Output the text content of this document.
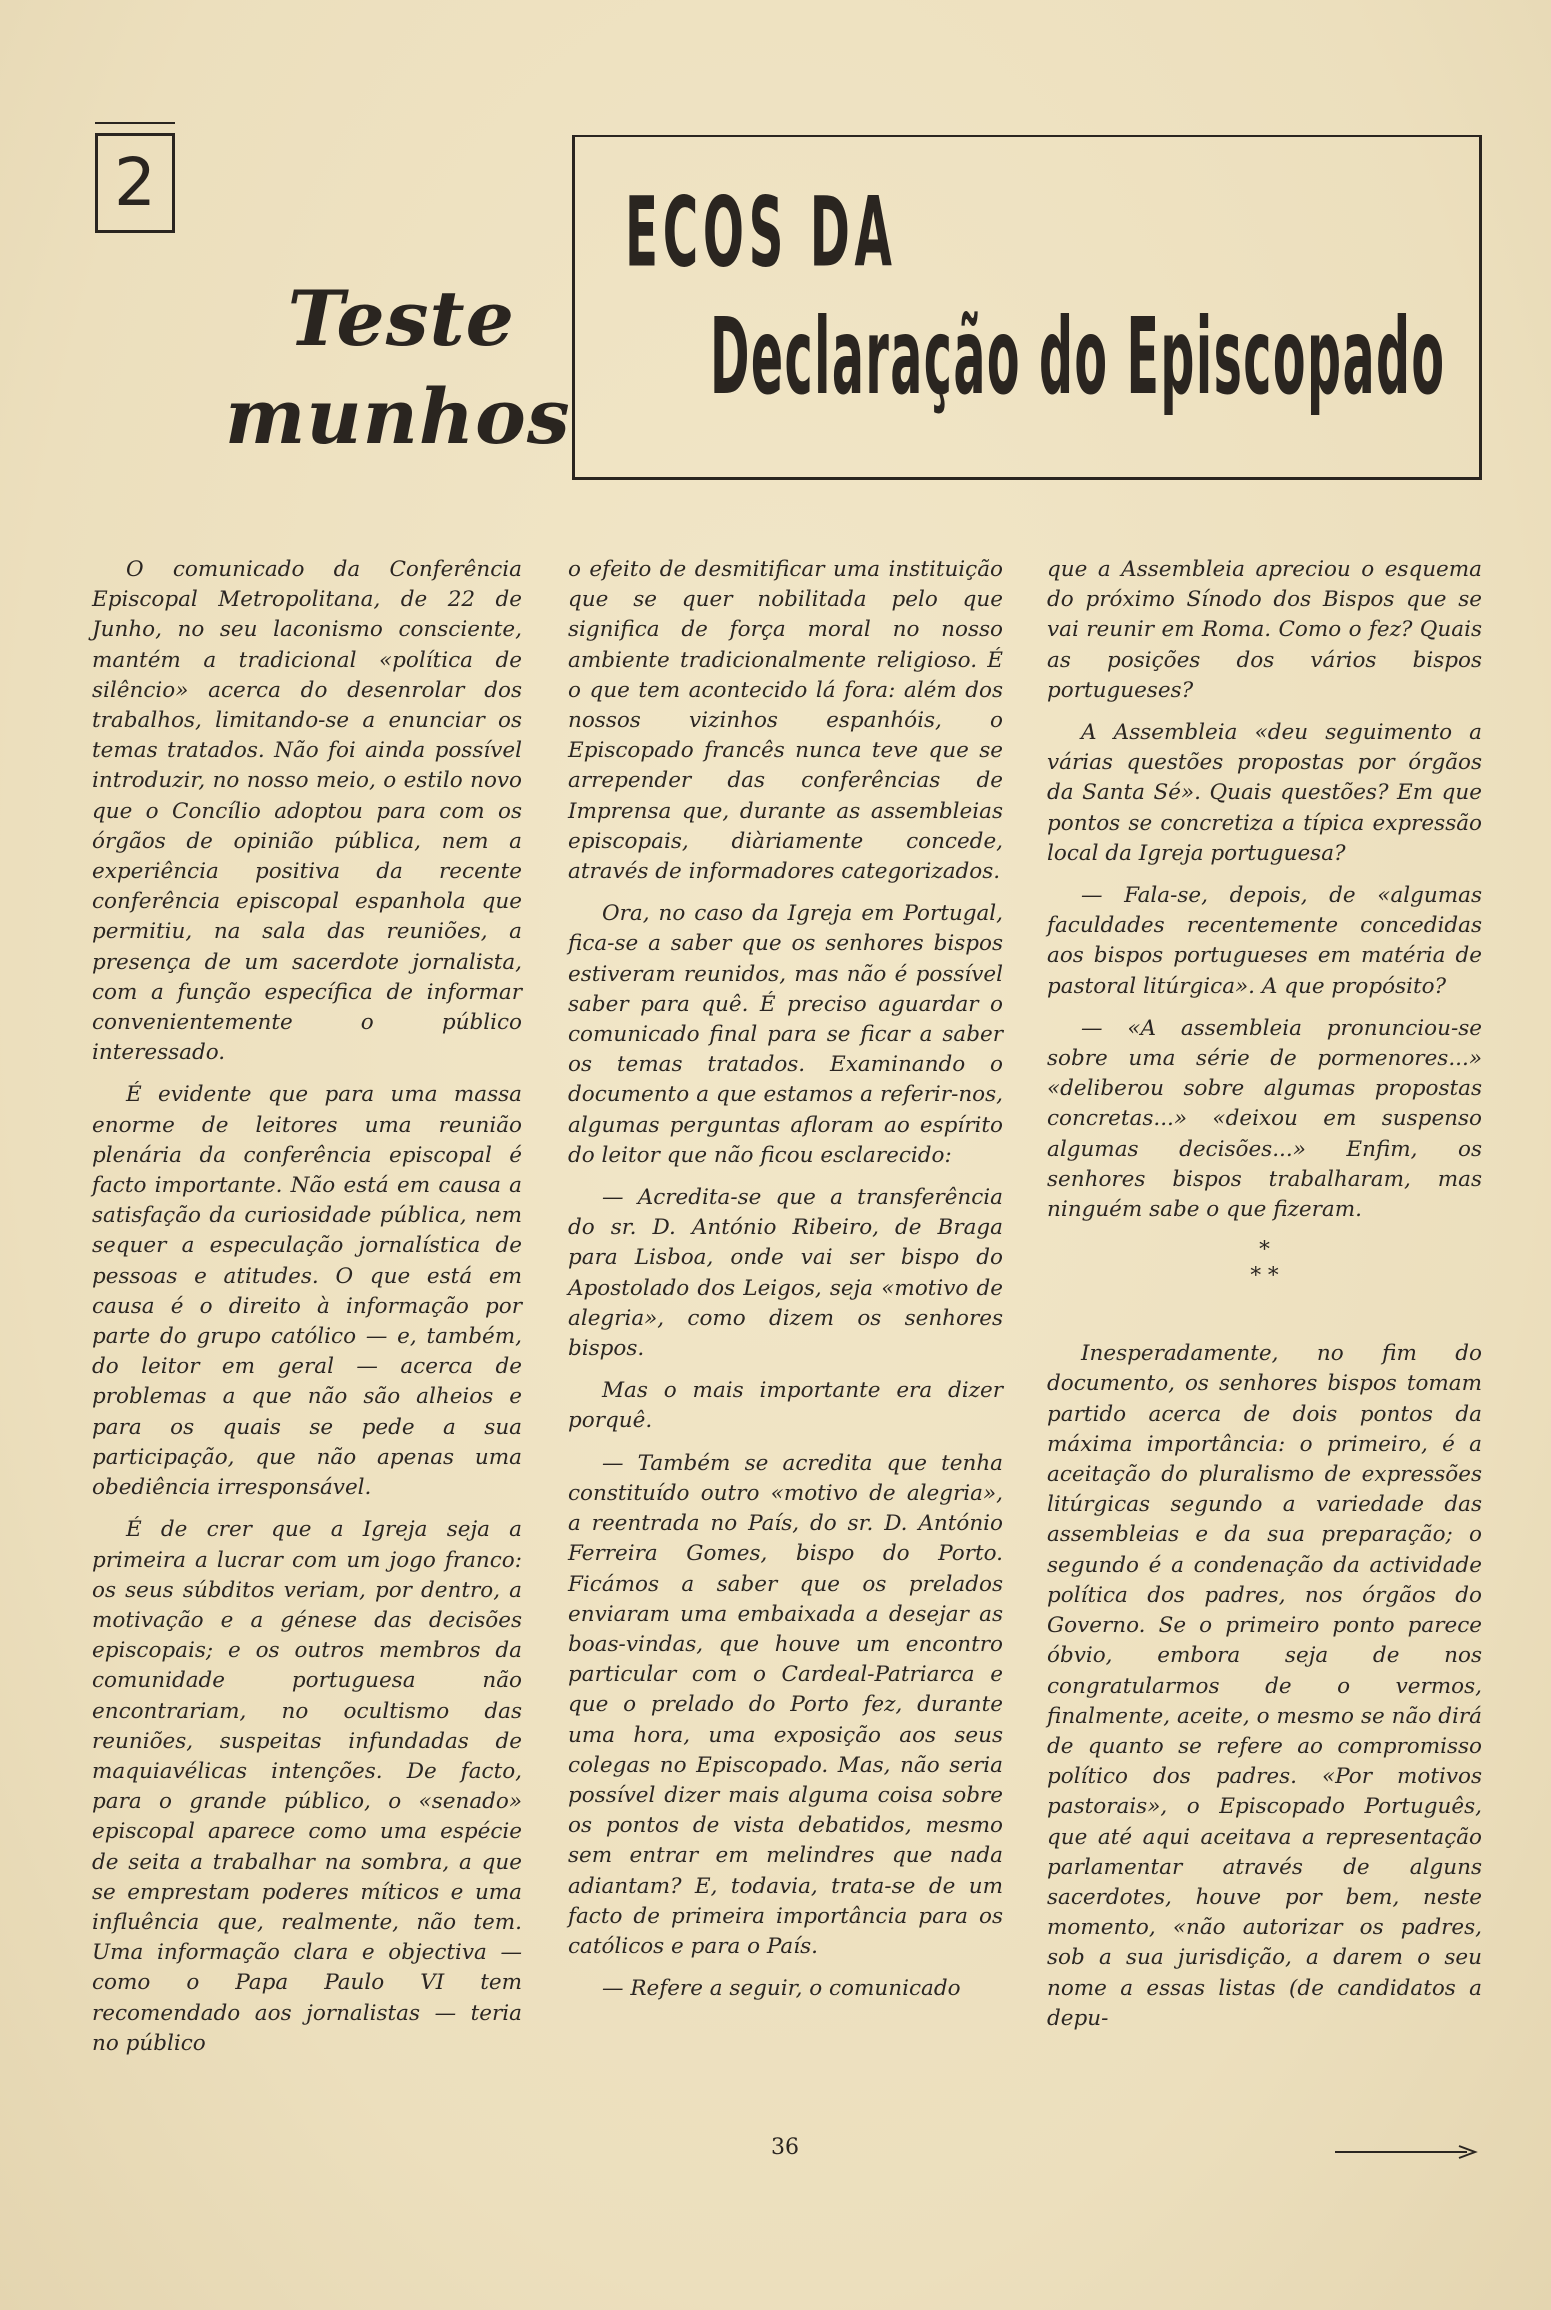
2
Teste
munhos
ECOS DA
Declaração do Episcopado

O comunicado da Conferência Episcopal Metropolitana, de 22 de Junho, no seu laconismo consciente, mantém a tradicional «política de silêncio» acerca do desenrolar dos trabalhos, limitando-se a enunciar os temas tratados. Não foi ainda possível introduzir, no nosso meio, o estilo novo que o Concílio adoptou para com os órgãos de opinião pública, nem a experiência positiva da recente conferência episcopal espanhola que permitiu, na sala das reuniões, a presença de um sacerdote jornalista, com a função específica de informar convenientemente o público interessado.

É evidente que para uma massa enorme de leitores uma reunião plenária da conferência episcopal é facto importante. Não está em causa a satisfação da curiosidade pública, nem sequer a especulação jornalística de pessoas e atitudes. O que está em causa é o direito à informação por parte do grupo católico — e, também, do leitor em geral — acerca de problemas a que não são alheios e para os quais se pede a sua participação, que não apenas uma obediência irresponsável.

É de crer que a Igreja seja a primeira a lucrar com um jogo franco: os seus súbditos veriam, por dentro, a motivação e a génese das decisões episcopais; e os outros membros da comunidade portuguesa não encontrariam, no ocultismo das reuniões, suspeitas infundadas de maquiavélicas intenções. De facto, para o grande público, o «senado» episcopal aparece como uma espécie de seita a trabalhar na sombra, a que se emprestam poderes míticos e uma influência que, realmente, não tem. Uma informação clara e objectiva — como o Papa Paulo VI tem recomendado aos jornalistas — teria no público

o efeito de desmitificar uma instituição que se quer nobilitada pelo que significa de força moral no nosso ambiente tradicionalmente religioso. É o que tem acontecido lá fora: além dos nossos vizinhos espanhóis, o Episcopado francês nunca teve que se arrepender das conferências de Imprensa que, durante as assembleias episcopais, diàriamente concede, através de informadores categorizados.

Ora, no caso da Igreja em Portugal, fica-se a saber que os senhores bispos estiveram reunidos, mas não é possível saber para quê. É preciso aguardar o comunicado final para se ficar a saber os temas tratados. Examinando o documento a que estamos a referir-nos, algumas perguntas afloram ao espírito do leitor que não ficou esclarecido:

— Acredita-se que a transferência do sr. D. António Ribeiro, de Braga para Lisboa, onde vai ser bispo do Apostolado dos Leigos, seja «motivo de alegria», como dizem os senhores bispos.

Mas o mais importante era dizer porquê.

— Também se acredita que tenha constituído outro «motivo de alegria», a reentrada no País, do sr. D. António Ferreira Gomes, bispo do Porto. Ficámos a saber que os prelados enviaram uma embaixada a desejar as boas-vindas, que houve um encontro particular com o Cardeal-Patriarca e que o prelado do Porto fez, durante uma hora, uma exposição aos seus colegas no Episcopado. Mas, não seria possível dizer mais alguma coisa sobre os pontos de vista debatidos, mesmo sem entrar em melindres que nada adiantam? E, todavia, trata-se de um facto de primeira importância para os católicos e para o País.

— Refere a seguir, o comunicado

que a Assembleia apreciou o esquema do próximo Sínodo dos Bispos que se vai reunir em Roma. Como o fez? Quais as posições dos vários bispos portugueses?

A Assembleia «deu seguimento a várias questões propostas por órgãos da Santa Sé». Quais questões? Em que pontos se concretiza a típica expressão local da Igreja portuguesa?

— Fala-se, depois, de «algumas faculdades recentemente concedidas aos bispos portugueses em matéria de pastoral litúrgica». A que propósito?

— «A assembleia pronunciou-se sobre uma série de pormenores...» «deliberou sobre algumas propostas concretas...» «deixou em suspenso algumas decisões...» Enfim, os senhores bispos trabalharam, mas ninguém sabe o que fizeram.

*
* *

Inesperadamente, no fim do documento, os senhores bispos tomam partido acerca de dois pontos da máxima importância: o primeiro, é a aceitação do pluralismo de expressões litúrgicas segundo a variedade das assembleias e da sua preparação; o segundo é a condenação da actividade política dos padres, nos órgãos do Governo. Se o primeiro ponto parece óbvio, embora seja de nos congratularmos de o vermos, finalmente, aceite, o mesmo se não dirá de quanto se refere ao compromisso político dos padres. «Por motivos pastorais», o Episcopado Português, que até aqui aceitava a representação parlamentar através de alguns sacerdotes, houve por bem, neste momento, «não autorizar os padres, sob a sua jurisdição, a darem o seu nome a essas listas (de candidatos a depu-

36
